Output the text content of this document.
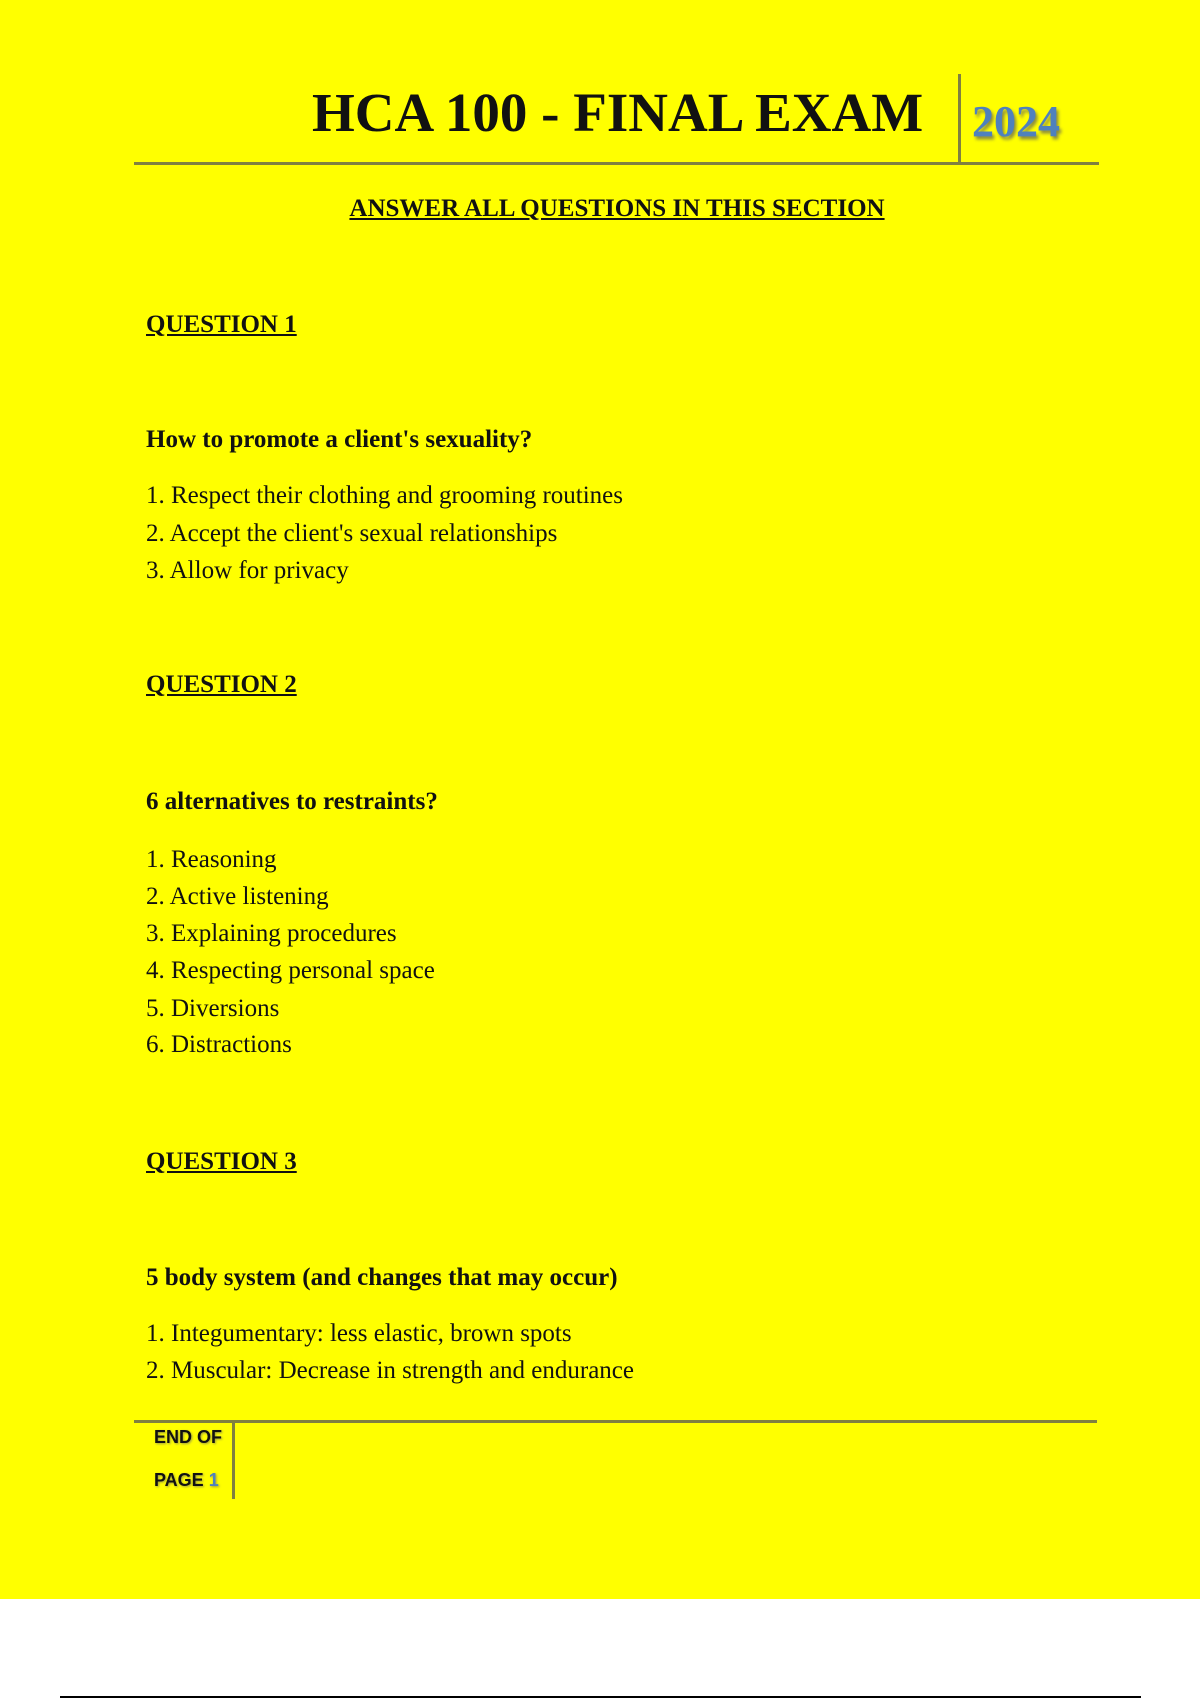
HCA 100 - FINAL EXAM 2024
ANSWER ALL QUESTIONS IN THIS SECTION
QUESTION 1
How to promote a client's sexuality?
1. Respect their clothing and grooming routines
2. Accept the client's sexual relationships
3. Allow for privacy
QUESTION 2
6 alternatives to restraints?
1. Reasoning
2. Active listening
3. Explaining procedures
4. Respecting personal space
5. Diversions
6. Distractions
QUESTION 3
5 body system (and changes that may occur)
1. Integumentary: less elastic, brown spots
2. Muscular: Decrease in strength and endurance
END OF
PAGE 1
